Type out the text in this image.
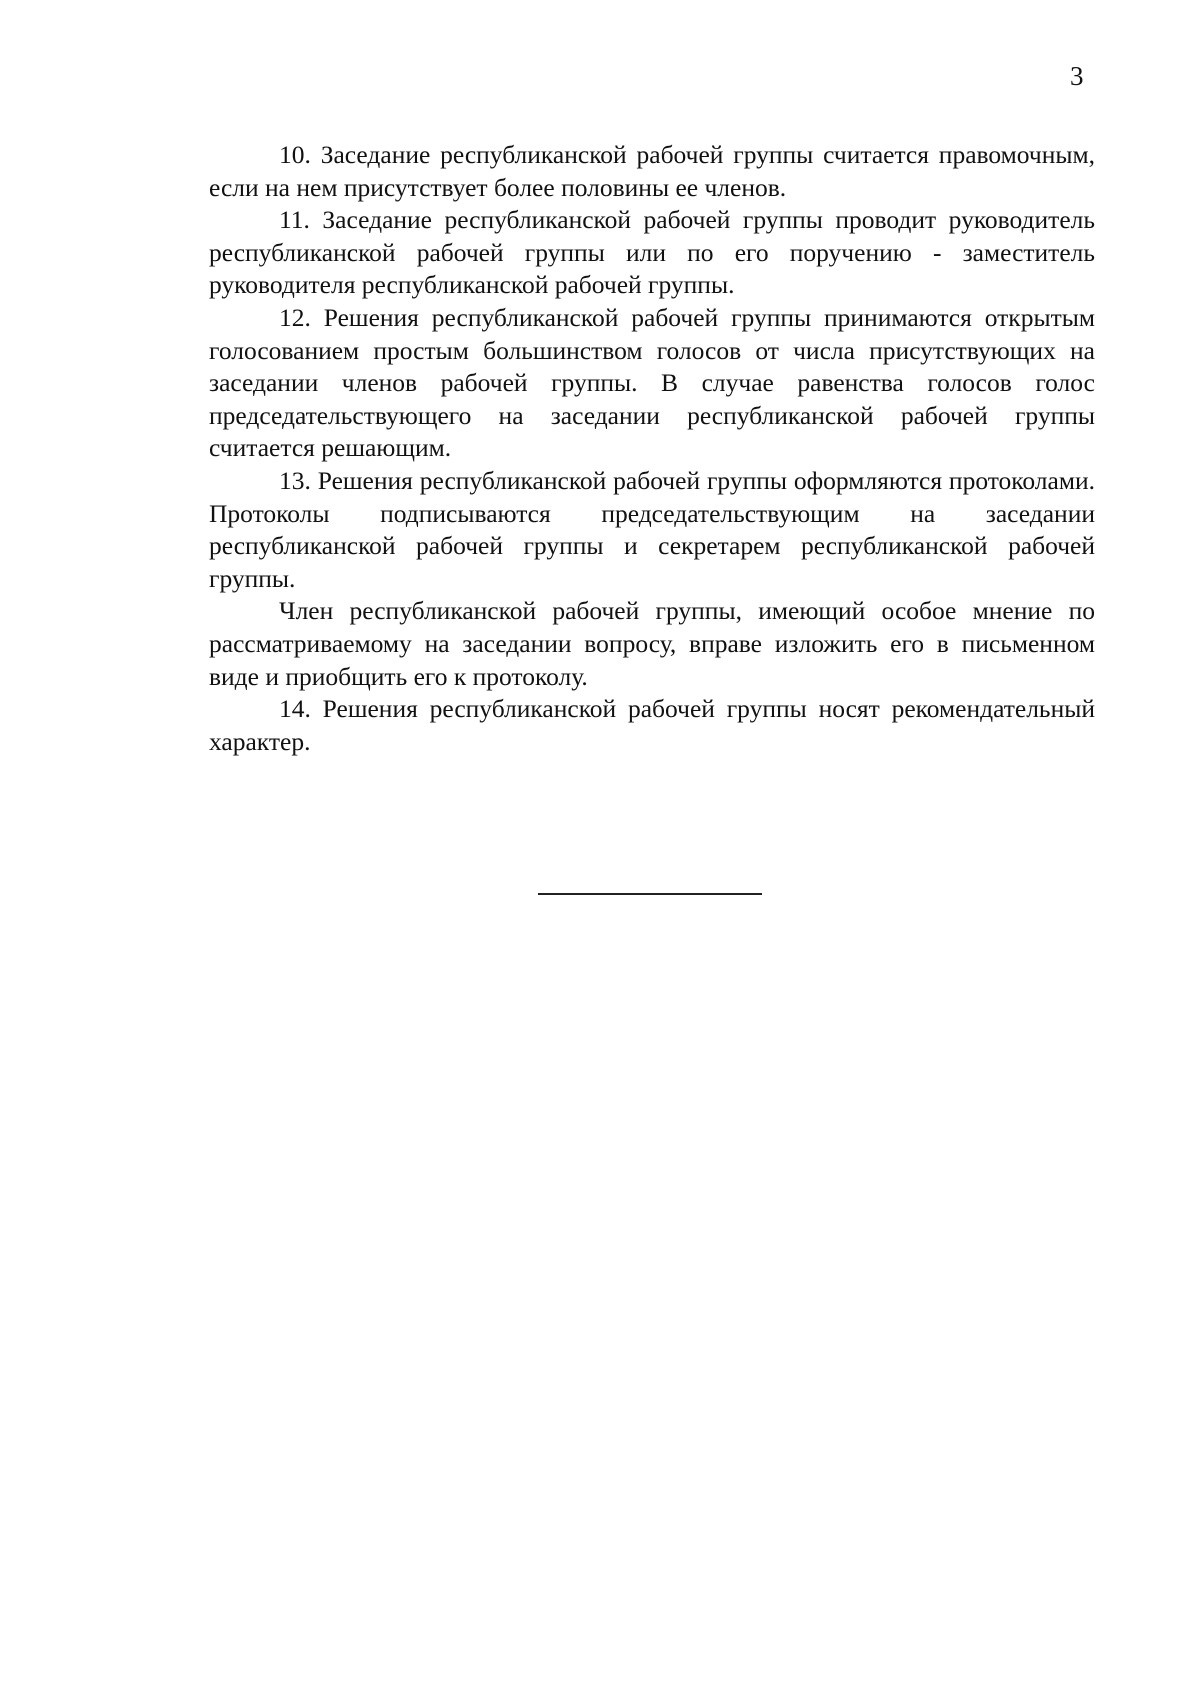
3

10. Заседание республиканской рабочей группы считается правомочным, если на нем присутствует более половины ее членов.

11. Заседание республиканской рабочей группы проводит руководитель республиканской рабочей группы или по его поручению - заместитель руководителя республиканской рабочей группы.

12. Решения республиканской рабочей группы принимаются открытым голосованием простым большинством голосов от числа присутствующих на заседании членов рабочей группы. В случае равенства голосов голос председательствующего на заседании республиканской рабочей группы считается решающим.

13. Решения республиканской рабочей группы оформляются протоколами. Протоколы подписываются председательствующим на заседании республиканской рабочей группы и секретарем республиканской рабочей группы.

Член республиканской рабочей группы, имеющий особое мнение по рассматриваемому на заседании вопросу, вправе изложить его в письменном виде и приобщить его к протоколу.

14. Решения республиканской рабочей группы носят рекомендательный характер.
